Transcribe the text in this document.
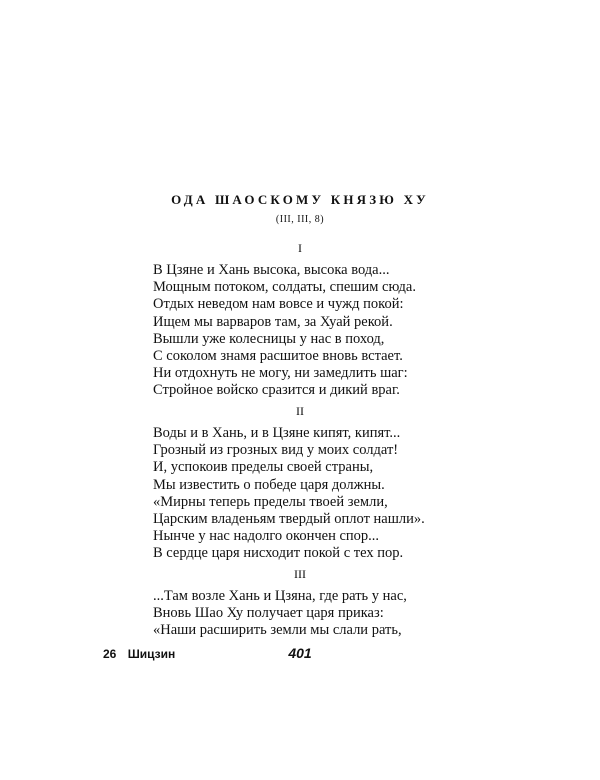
ОДА ШАОСКОМУ КНЯЗЮ ХУ
(III, III, 8)
I
В Цзяне и Хань высока, высока вода...
Мощным потоком, солдаты, спешим сюда.
Отдых неведом нам вовсе и чужд покой:
Ищем мы варваров там, за Хуай рекой.
Вышли уже колесницы у нас в поход,
С соколом знамя расшитое вновь встает.
Ни отдохнуть не могу, ни замедлить шаг:
Стройное войско сразится и дикий враг.
II
Воды и в Хань, и в Цзяне кипят, кипят...
Грозный из грозных вид у моих солдат!
И, успокоив пределы своей страны,
Мы известить о победе царя должны.
«Мирны теперь пределы твоей земли,
Царским владеньям твердый оплот нашли».
Нынче у нас надолго окончен спор...
В сердце царя нисходит покой с тех пор.
III
...Там возле Хань и Цзяна, где рать у нас,
Вновь Шао Ху получает царя приказ:
«Наши расширить земли мы слали рать,
26 Шицзин	401
